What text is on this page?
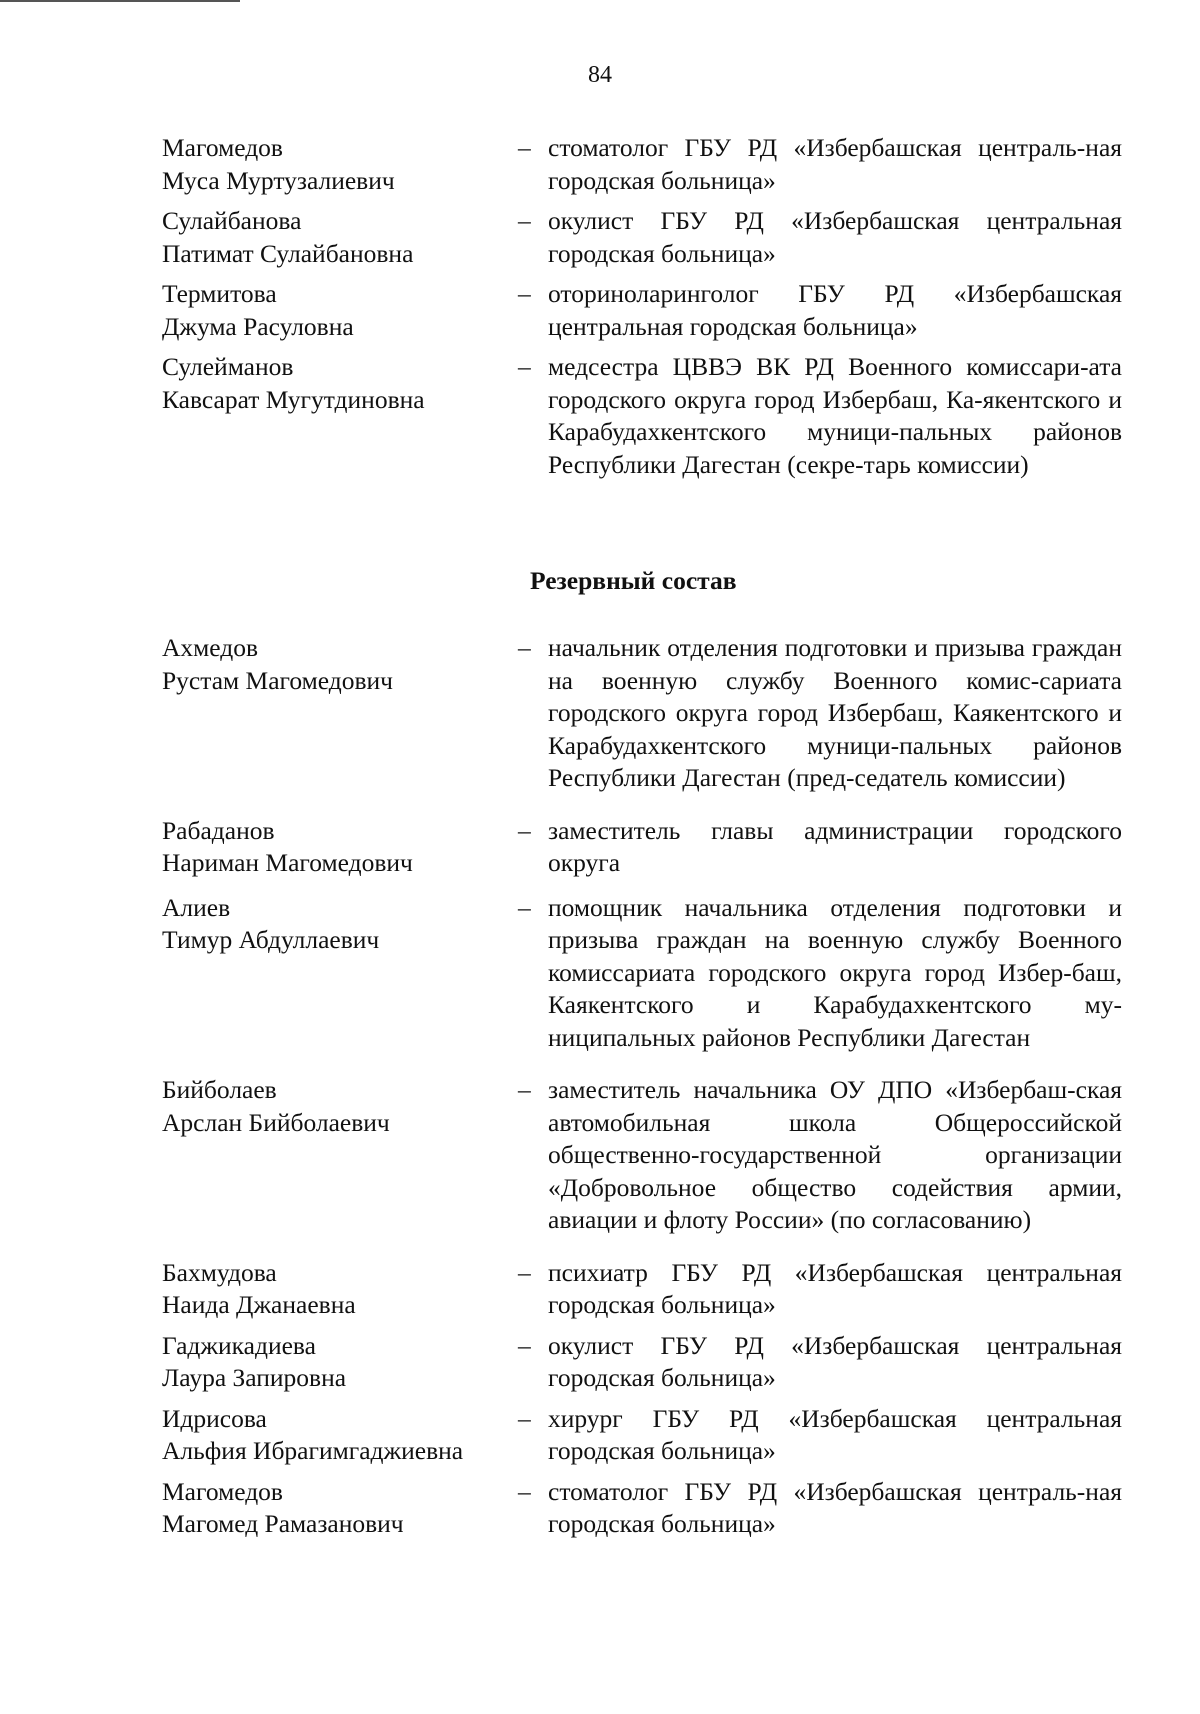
84
Магомедов
Муса Муртузалиевич
– стоматолог ГБУ РД «Избербашская централь-ная городская больница»
Сулайбанова
Патимат Сулайбановна
– окулист ГБУ РД «Избербашская центральная городская больница»
Термитова
Джума Расуловна
– оториноларинголог ГБУ РД «Избербашская центральная городская больница»
Сулейманов
Кавсарат Мугутдиновна
– медсестра ЦВВЭ ВК РД Военного комиссари-ата городского округа город Избербаш, Ка-якентского и Карабудахкентского муници-пальных районов Республики Дагестан (секре-тарь комиссии)
Резервный состав
Ахмедов
Рустам Магомедович
– начальник отделения подготовки и призыва граждан на военную службу Военного комис-сариата городского округа город Избербаш, Каякентского и Карабудахкентского муници-пальных районов Республики Дагестан (пред-седатель комиссии)
Рабаданов
Нариман Магомедович
– заместитель главы администрации городского округа
Алиев
Тимур Абдуллаевич
– помощник начальника отделения подготовки и призыва граждан на военную службу Военного комиссариата городского округа город Избер-баш, Каякентского и Карабудахкентского му-ниципальных районов Республики Дагестан
Бийболаев
Арслан Бийболаевич
– заместитель начальника ОУ ДПО «Избербаш-ская автомобильная школа Общероссийской общественно-государственной организации «Добровольное общество содействия армии, авиации и флоту России» (по согласованию)
Бахмудова
Наида Джанаевна
– психиатр ГБУ РД «Избербашская центральная городская больница»
Гаджикадиева
Лаура Запировна
– окулист ГБУ РД «Избербашская центральная городская больница»
Идрисова
Альфия Ибрагимгаджиевна
– хирург ГБУ РД «Избербашская центральная городская больница»
Магомедов
Магомед Рамазанович
– стоматолог ГБУ РД «Избербашская централь-ная городская больница»
